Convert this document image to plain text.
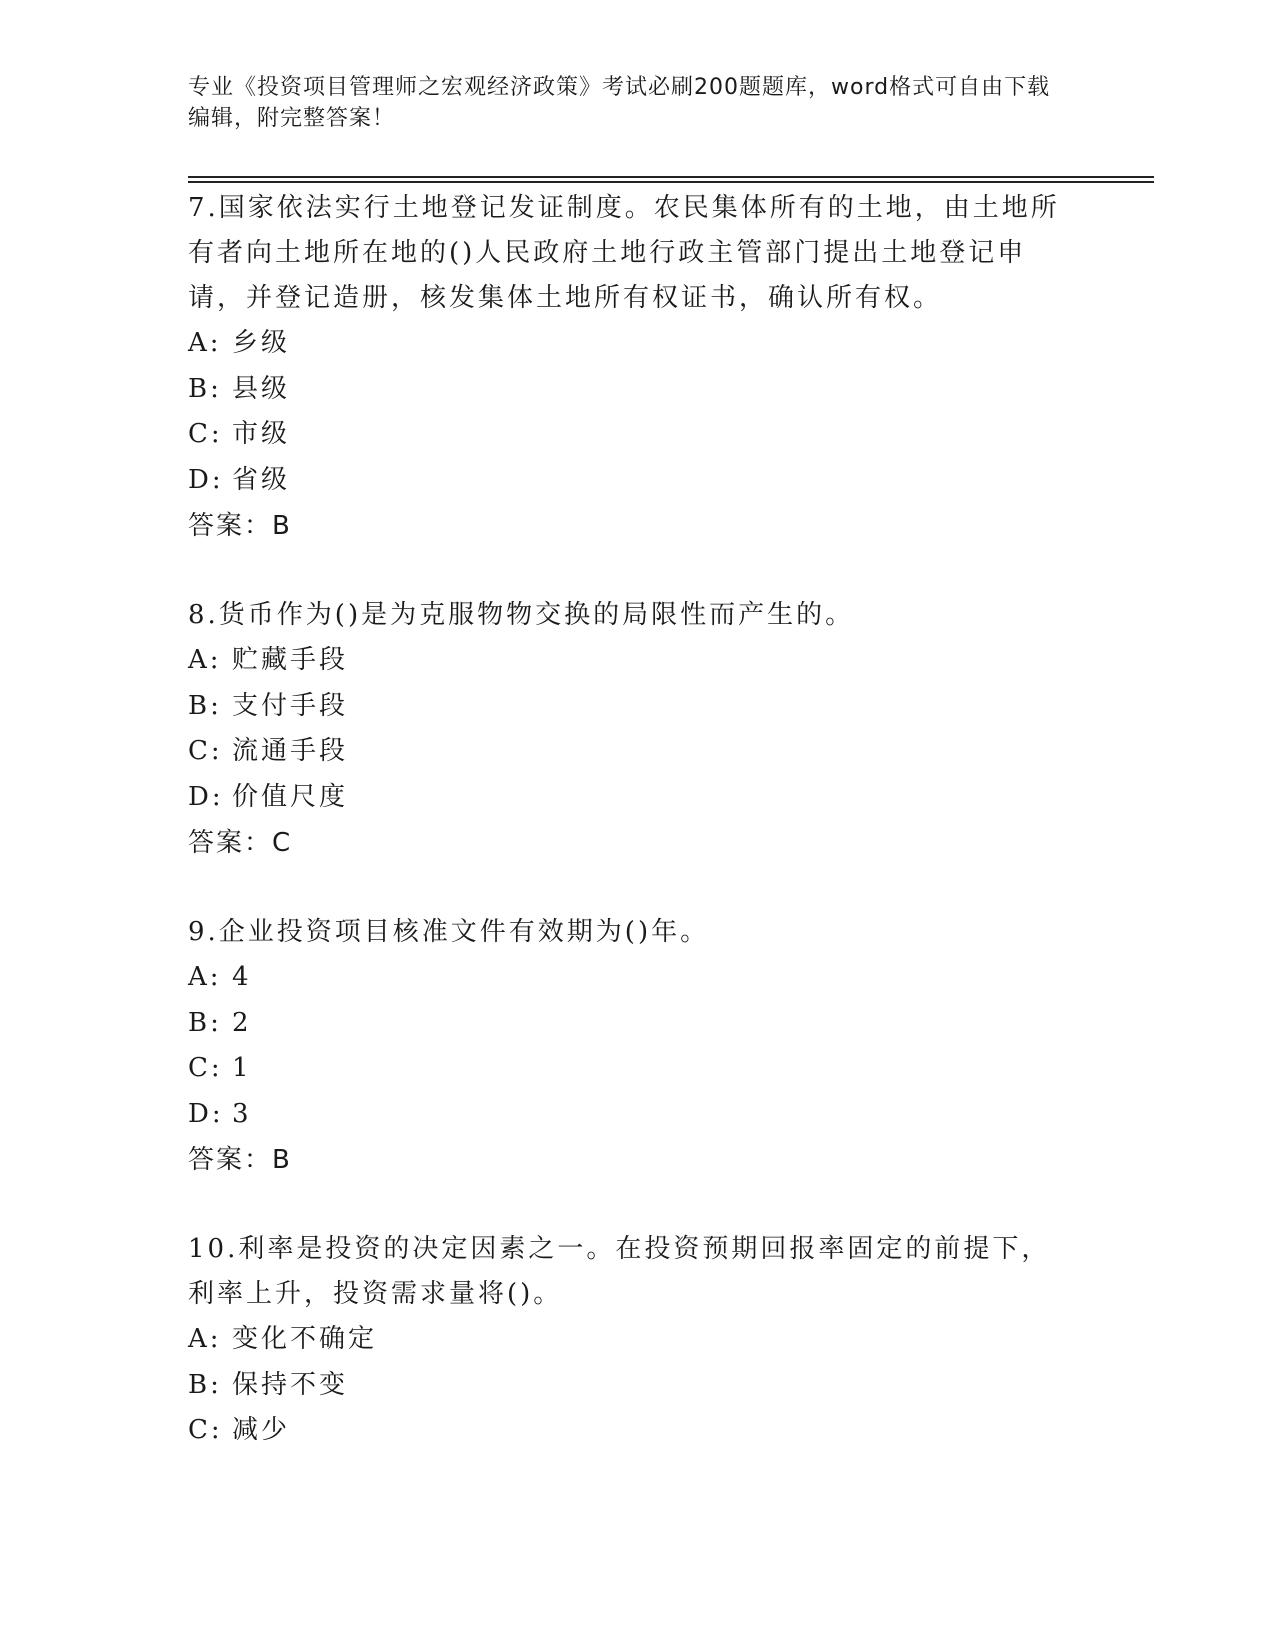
专业《投资项目管理师之宏观经济政策》考试必刷200题题库，word格式可自由下载编辑，附完整答案！
7.国家依法实行土地登记发证制度。农民集体所有的土地，由土地所有者向土地所在地的()人民政府土地行政主管部门提出土地登记申请，并登记造册，核发集体土地所有权证书，确认所有权。
A: 乡级
B: 县级
C: 市级
D: 省级
答案：B
8.货币作为()是为克服物物交换的局限性而产生的。
A: 贮藏手段
B: 支付手段
C: 流通手段
D: 价值尺度
答案：C
9.企业投资项目核准文件有效期为()年。
A: 4
B: 2
C: 1
D: 3
答案：B
10.利率是投资的决定因素之一。在投资预期回报率固定的前提下，利率上升，投资需求量将()。
A: 变化不确定
B: 保持不变
C: 减少
